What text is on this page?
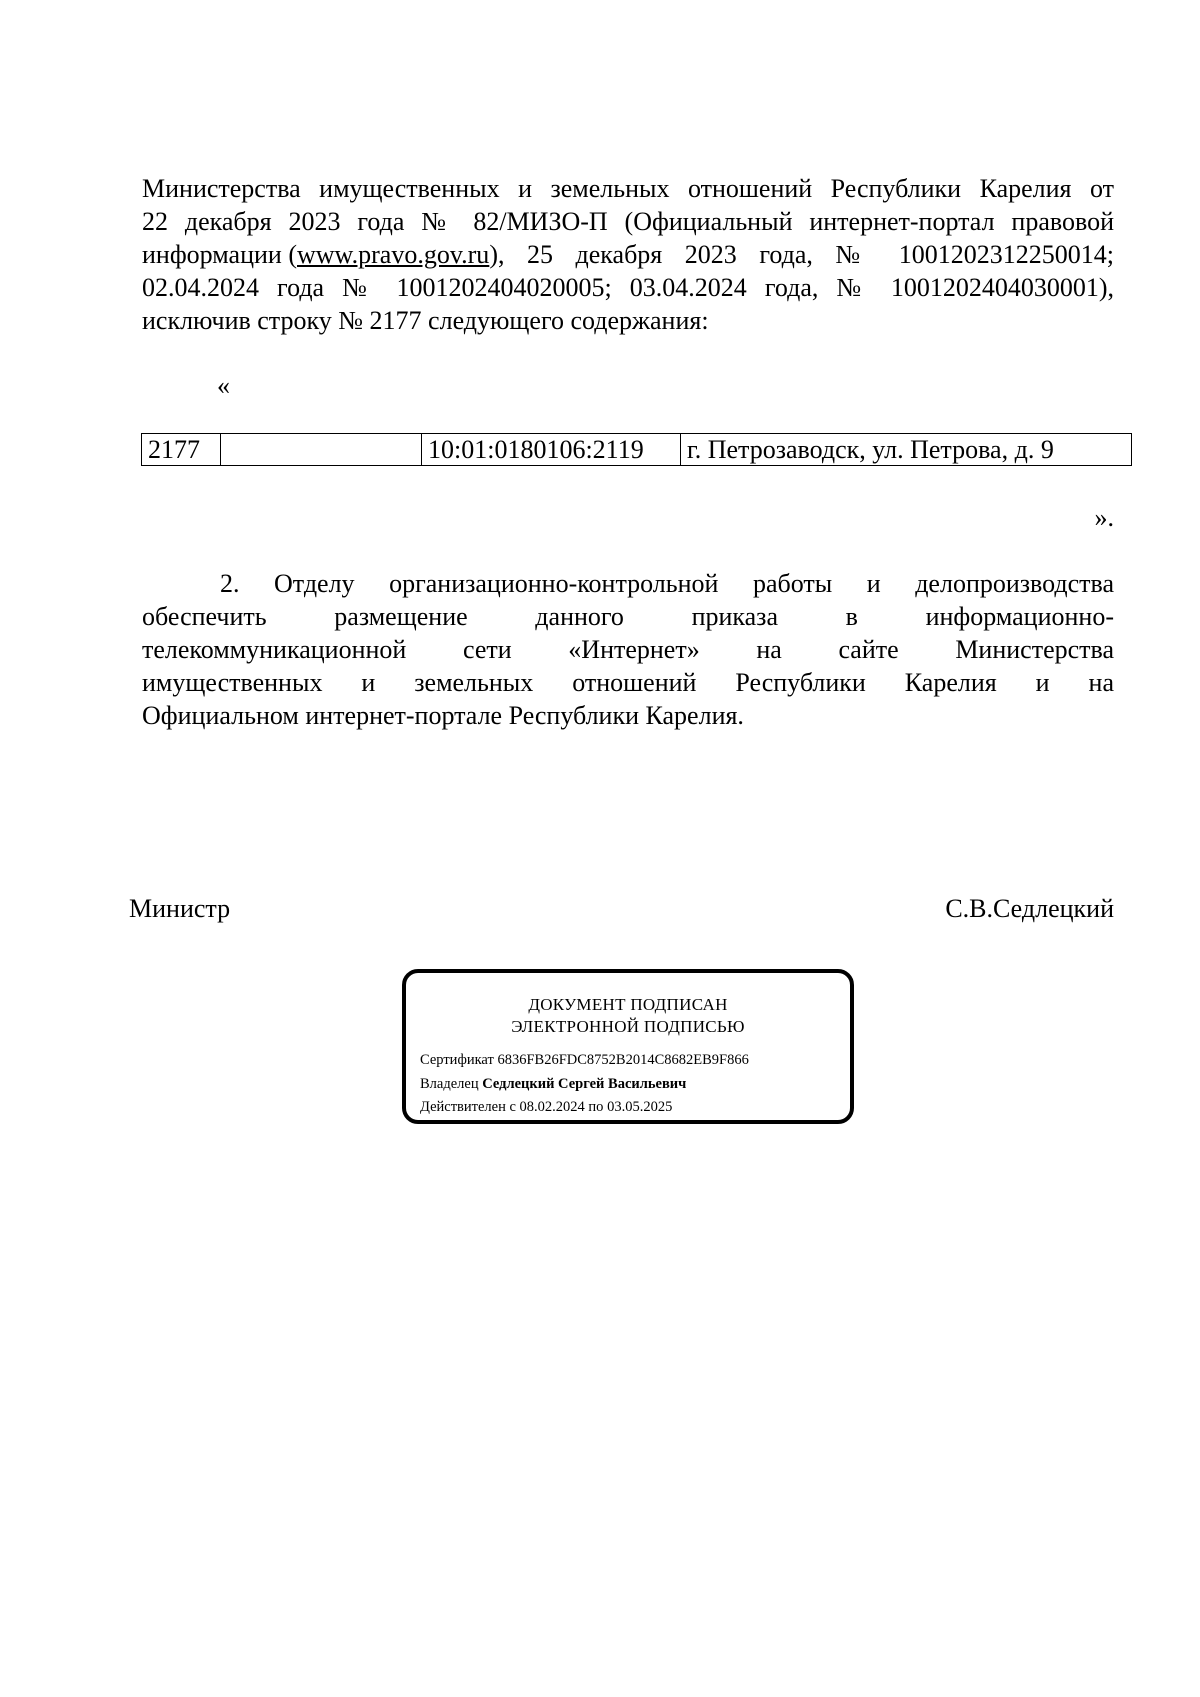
Министерства имущественных и земельных отношений Республики Карелия от
22 декабря 2023 года № 82/МИЗО-П (Официальный интернет-портал правовой
информации ( www.pravo.gov.ru ), 25 декабря 2023 года, № 1001202312250014;
02.04.2024 года № 1001202404020005; 03.04.2024 года, № 1001202404030001),
исключив строку № 2177 следующего содержания:
«
2177		10:01:0180106:2119	г. Петрозаводск, ул. Петрова, д. 9
».
2. Отделу организационно-контрольной работы и делопроизводства
обеспечить размещение данного приказа в информационно-
телекоммуникационной сети «Интернет» на сайте Министерства
имущественных и земельных отношений Республики Карелия и на
Официальном интернет-портале Республики Карелия.
Министр	С.В.Седлецкий
ДОКУМЕНТ ПОДПИСАН
ЭЛЕКТРОННОЙ ПОДПИСЬЮ
Сертификат 6836FB26FDC8752B2014C8682EB9F866
Владелец Седлецкий Сергей Васильевич
Действителен с 08.02.2024 по 03.05.2025
